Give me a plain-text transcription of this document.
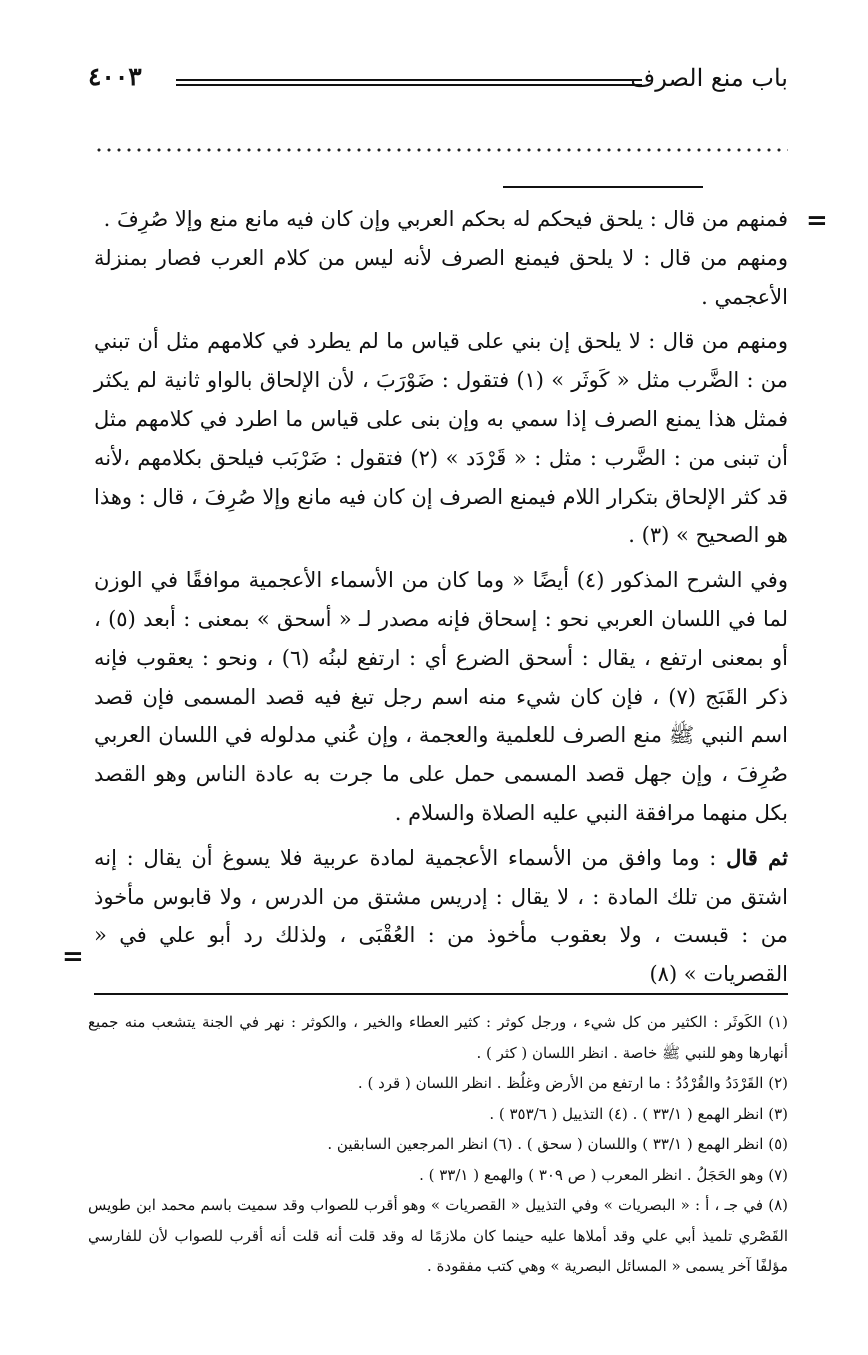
باب منع الصرف
٤٠٠٣
=

فمنهم من قال : يلحق فيحكم له بحكم العربي وإن كان فيه مانع منع وإلا صُرِفَ .

ومنهم من قال : لا يلحق فيمنع الصرف لأنه ليس من كلام العرب فصار بمنزلة الأعجمي .

ومنهم من قال : لا يلحق إن بني على قياس ما لم يطرد في كلامهم مثل أن تبني من : الضَّرب مثل « كَوثَر » (١) فتقول : ضَوْرَبَ ، لأن الإلحاق بالواو ثانية لم يكثر فمثل هذا يمنع الصرف إذا سمي به وإن بنى على قياس ما اطرد في كلامهم مثل أن تبنى من : الضَّرب : مثل : « قَرْدَد » (٢) فتقول : ضَرْبَب فيلحق بكلامهم ،لأنه قد كثر الإلحاق بتكرار اللام فيمنع الصرف إن كان فيه مانع وإلا صُرِفَ ، قال : وهذا هو الصحيح » (٣) .

وفي الشرح المذكور (٤) أيضًا « وما كان من الأسماء الأعجمية موافقًا في الوزن لما في اللسان العربي نحو : إسحاق فإنه مصدر لـ « أسحق » بمعنى : أبعد (٥) ، أو بمعنى ارتفع ، يقال : أسحق الضرع أي : ارتفع لبنُه (٦) ، ونحو : يعقوب فإنه ذكر القَبَج (٧) ، فإن كان شيء منه اسم رجل تبغ فيه قصد المسمى فإن قصد اسم النبي ﷺ منع الصرف للعلمية والعجمة ، وإن عُني مدلوله في اللسان العربي صُرِفَ ، وإن جهل قصد المسمى حمل على ما جرت به عادة الناس وهو القصد بكل منهما مرافقة النبي عليه الصلاة والسلام .

ثم قال : وما وافق من الأسماء الأعجمية لمادة عربية فلا يسوغ أن يقال : إنه اشتق من تلك المادة : ، لا يقال : إدريس مشتق من الدرس ، ولا قابوس مأخوذ من : قبست ، ولا بعقوب مأخوذ من : العُقْبَى ، ولذلك رد أبو علي في « القصريات » (٨)

=

(١) الكَوثَر : الكثير من كل شيء ، ورجل كوثر : كثير العطاء والخير ، والكوثر : نهر في الجنة يتشعب منه جميع أنهارها وهو للنبي ﷺ خاصة . انظر اللسان ( كثر ) .

(٢) القَرْدَدُ والقُرْدُدُ : ما ارتفع من الأرض وغلُظ . انظر اللسان ( قرد ) .

(٣) انظر الهمع ( ٣٣/١ ) . (٤) التذييل ( ٣٥٣/٦ ) .

(٥) انظر الهمع ( ٣٣/١ ) واللسان ( سحق ) . (٦) انظر المرجعين السابقين .

(٧) وهو الحَجَلُ . انظر المعرب ( ص ٣٠٩ ) والهمع ( ٣٣/١ ) .

(٨) في جـ ، أ : « البصريات » وفي التذييل « القصريات » وهو أقرب للصواب وقد سميت باسم محمد ابن طويس القَصْري تلميذ أبي علي وقد أملاها عليه حينما كان ملازمًا له وقد قلت أنه قلت أنه أقرب للصواب لأن للفارسي مؤلفًا آخر يسمى « المسائل البصرية » وهي كتب مفقودة .
